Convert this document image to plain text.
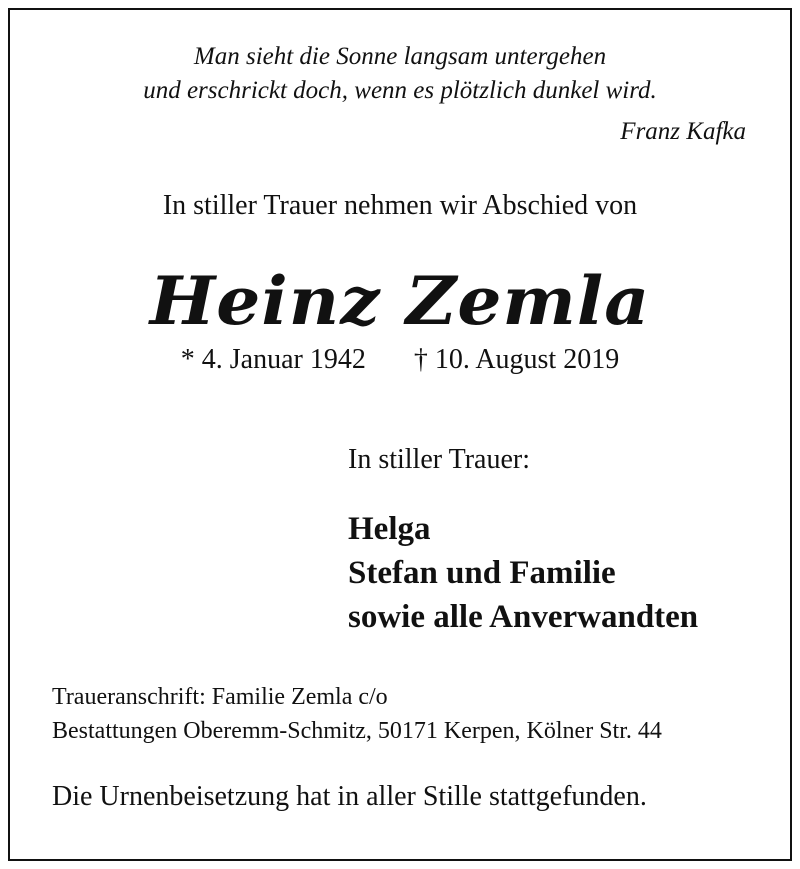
Man sieht die Sonne langsam untergehen
und erschrickt doch, wenn es plötzlich dunkel wird.
Franz Kafka
In stiller Trauer nehmen wir Abschied von
Heinz Zemla
* 4. Januar 1942 † 10. August 2019
In stiller Trauer:
Helga
Stefan und Familie
sowie alle Anverwandten
Traueranschrift: Familie Zemla c/o
Bestattungen Oberemm-Schmitz, 50171 Kerpen, Kölner Str. 44
Die Urnenbeisetzung hat in aller Stille stattgefunden.
